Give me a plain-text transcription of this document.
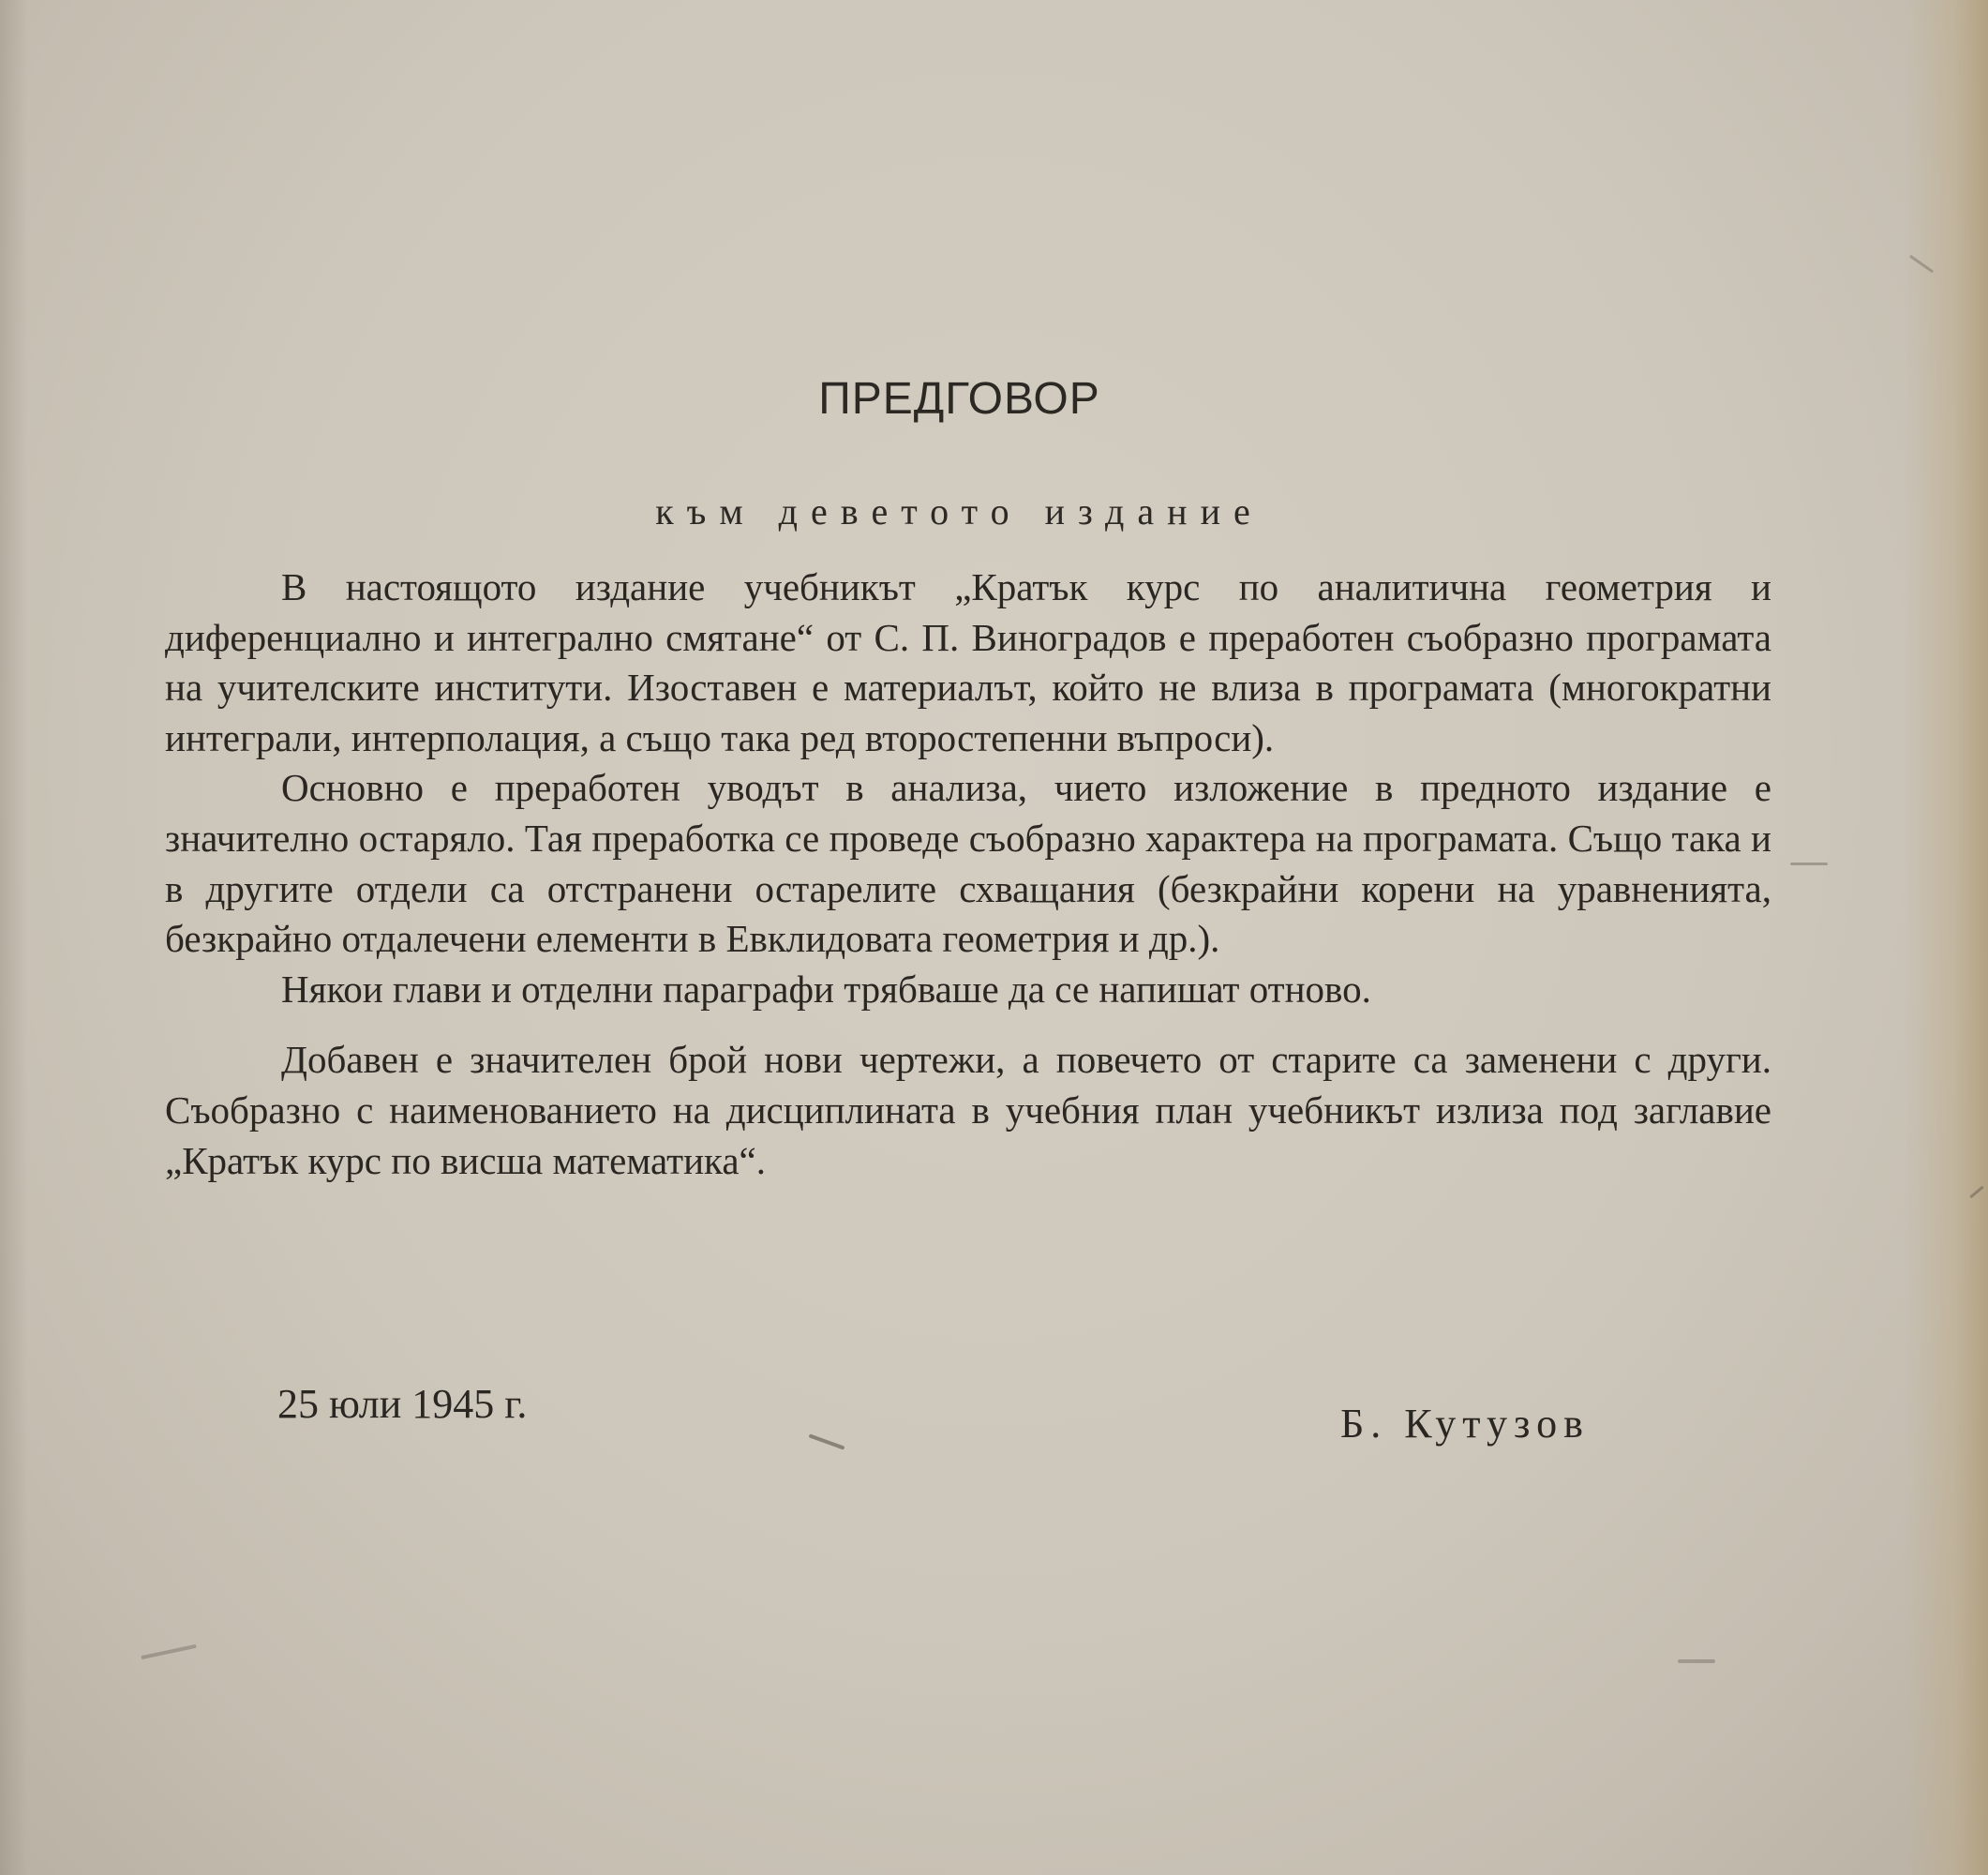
ПРЕДГОВОР
към деветото издание

В настоящото издание учебникът „Кратък курс по аналитична геометрия и диференциално и интегрално смятане“ от С. П. Виноградов е преработен съобразно програмата на учителските институти. Изоставен е материалът, който не влиза в програмата (многократни интеграли, интерполация, а също така ред второстепенни въпроси).

Основно е преработен уводът в анализа, чието изложение в предното издание е значително остаряло. Тая преработка се проведе съобразно характера на програмата. Също така и в другите отдели са отстранени остарелите схващания (безкрайни корени на уравненията, безкрайно отдалечени елементи в Евклидовата геометрия и др.).

Някои глави и отделни параграфи трябваше да се напишат отново.

Добавен е значителен брой нови чертежи, а повечето от старите са заменени с други. Съобразно с наименованието на дисциплината в учебния план учебникът излиза под заглавие „Кратък курс по висша математика“.

25 юли 1945 г.	Б. Кутузов
